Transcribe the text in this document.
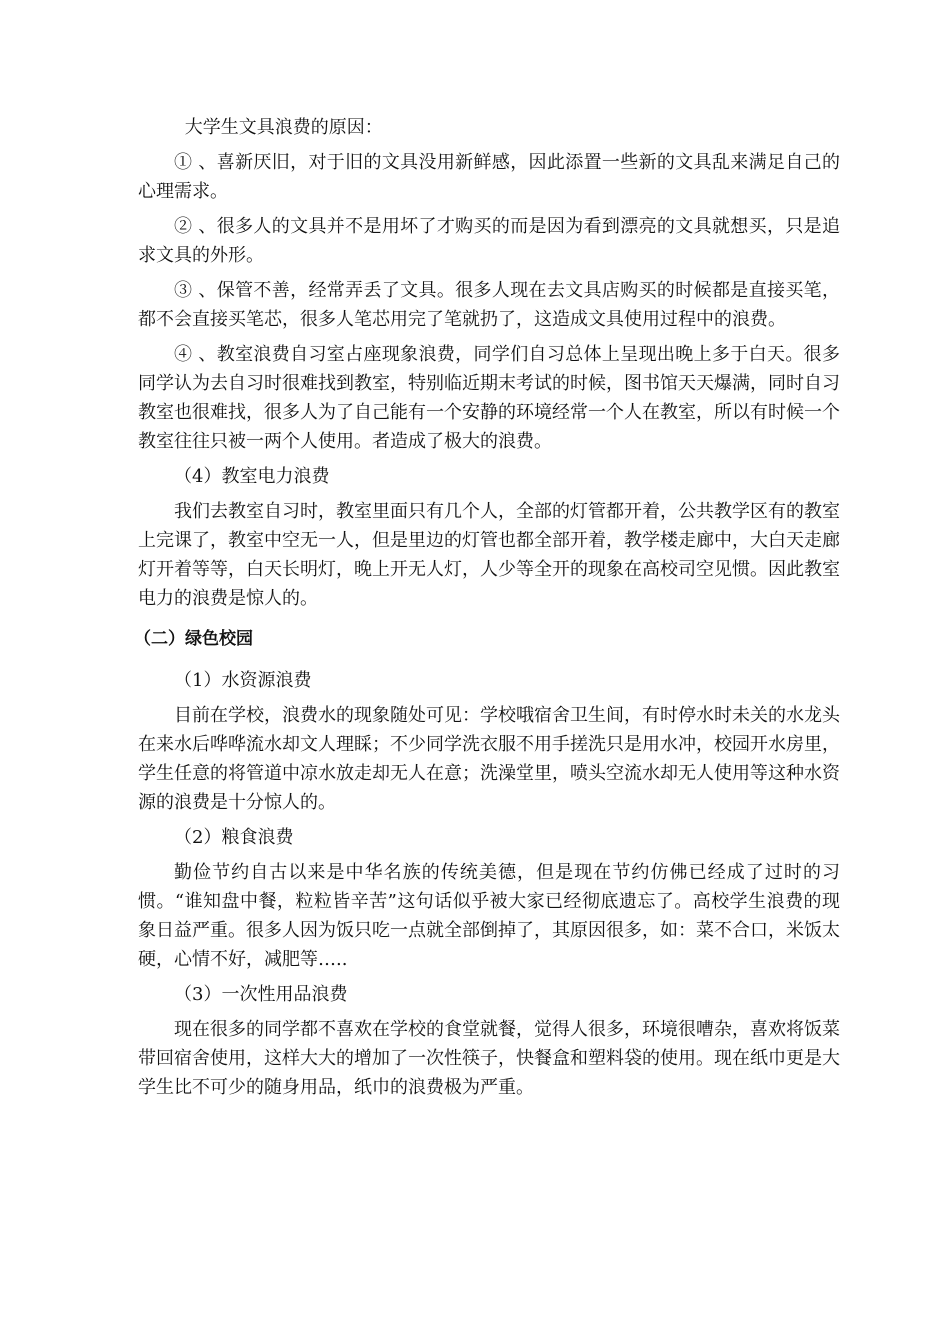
大学生文具浪费的原因：

① 、喜新厌旧，对于旧的文具没用新鲜感，因此添置一些新的文具乱来满足自己的心理需求。

② 、很多人的文具并不是用坏了才购买的而是因为看到漂亮的文具就想买，只是追求文具的外形。

③ 、保管不善，经常弄丢了文具。很多人现在去文具店购买的时候都是直接买笔，都不会直接买笔芯，很多人笔芯用完了笔就扔了，这造成文具使用过程中的浪费。

④ 、教室浪费自习室占座现象浪费，同学们自习总体上呈现出晚上多于白天。很多同学认为去自习时很难找到教室，特别临近期末考试的时候，图书馆天天爆满，同时自习教室也很难找，很多人为了自己能有一个安静的环境经常一个人在教室，所以有时候一个教室往往只被一两个人使用。者造成了极大的浪费。

（4）教室电力浪费

我们去教室自习时，教室里面只有几个人，全部的灯管都开着，公共教学区有的教室上完课了，教室中空无一人，但是里边的灯管也都全部开着，教学楼走廊中，大白天走廊灯开着等等，白天长明灯，晚上开无人灯，人少等全开的现象在高校司空见惯。因此教室电力的浪费是惊人的。

（二）绿色校园

（1）水资源浪费

目前在学校，浪费水的现象随处可见：学校哦宿舍卫生间，有时停水时未关的水龙头在来水后哗哗流水却文人理睬；不少同学洗衣服不用手搓洗只是用水冲，校园开水房里，学生任意的将管道中凉水放走却无人在意；洗澡堂里，喷头空流水却无人使用等这种水资源的浪费是十分惊人的。

（2）粮食浪费

勤俭节约自古以来是中华名族的传统美德，但是现在节约仿佛已经成了过时的习惯。“谁知盘中餐，粒粒皆辛苦”这句话似乎被大家已经彻底遗忘了。高校学生浪费的现象日益严重。很多人因为饭只吃一点就全部倒掉了，其原因很多，如：菜不合口，米饭太硬，心情不好，减肥等…..

（3）一次性用品浪费

现在很多的同学都不喜欢在学校的食堂就餐，觉得人很多，环境很嘈杂，喜欢将饭菜带回宿舍使用，这样大大的增加了一次性筷子，快餐盒和塑料袋的使用。现在纸巾更是大学生比不可少的随身用品，纸巾的浪费极为严重。
